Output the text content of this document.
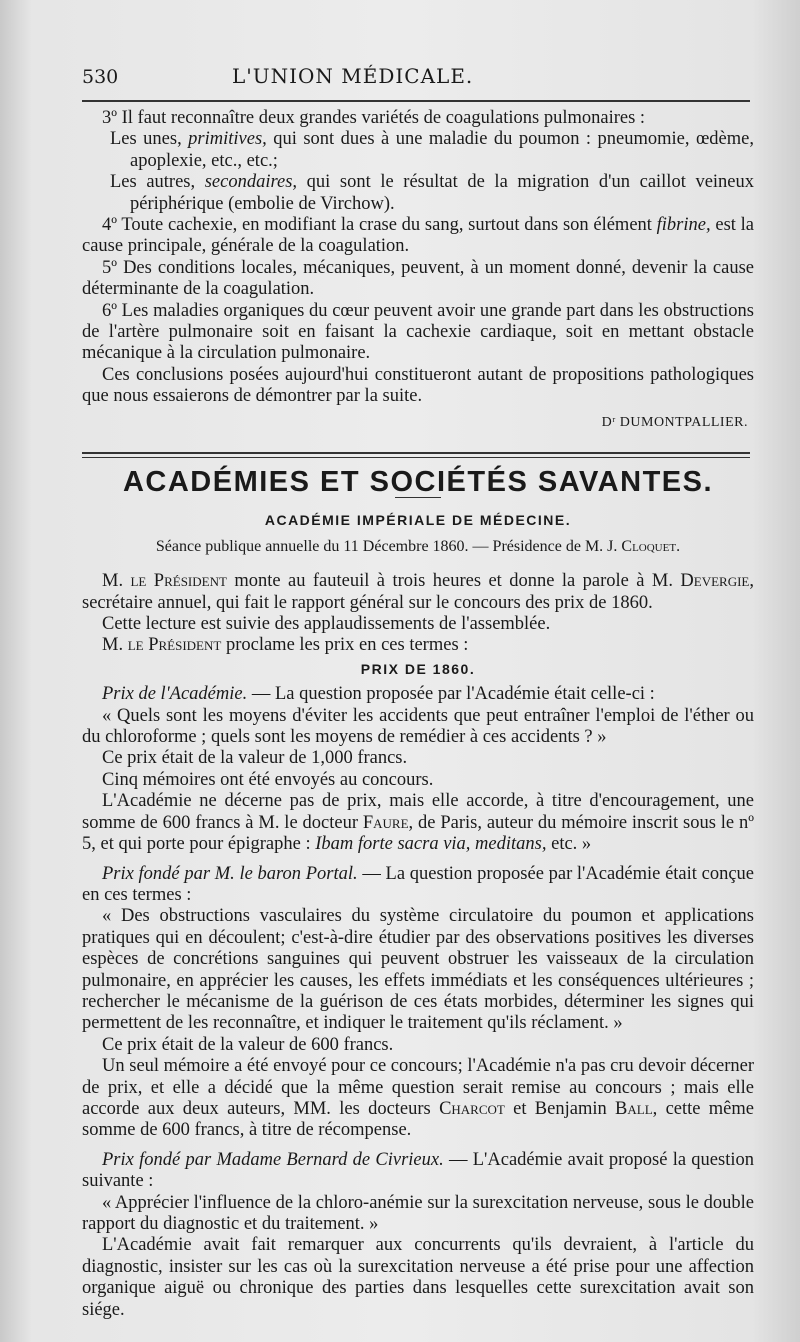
530	L'UNION MÉDICALE.

3º Il faut reconnaître deux grandes variétés de coagulations pulmonaires :

Les unes, primitives, qui sont dues à une maladie du poumon : pneumomie, œdème, apoplexie, etc., etc.;

Les autres, secondaires, qui sont le résultat de la migration d'un caillot veineux périphérique (embolie de Virchow).

4º Toute cachexie, en modifiant la crase du sang, surtout dans son élément fibrine, est la cause principale, générale de la coagulation.

5º Des conditions locales, mécaniques, peuvent, à un moment donné, devenir la cause déterminante de la coagulation.

6º Les maladies organiques du cœur peuvent avoir une grande part dans les obstructions de l'artère pulmonaire soit en faisant la cachexie cardiaque, soit en mettant obstacle mécanique à la circulation pulmonaire.

Ces conclusions posées aujourd'hui constitueront autant de propositions pathologiques que nous essaierons de démontrer par la suite.

Dʳ DUMONTPALLIER.

ACADÉMIES ET SOCIÉTÉS SAVANTES.
ACADÉMIE IMPÉRIALE DE MÉDECINE.
Séance publique annuelle du 11 Décembre 1860. — Présidence de M. J. Cloquet.

M. le Président monte au fauteuil à trois heures et donne la parole à M. Devergie, secrétaire annuel, qui fait le rapport général sur le concours des prix de 1860.

Cette lecture est suivie des applaudissements de l'assemblée.

M. le Président proclame les prix en ces termes :

PRIX DE 1860.

Prix de l'Académie. — La question proposée par l'Académie était celle-ci :

« Quels sont les moyens d'éviter les accidents que peut entraîner l'emploi de l'éther ou du chloroforme ; quels sont les moyens de remédier à ces accidents ? »

Ce prix était de la valeur de 1,000 francs.

Cinq mémoires ont été envoyés au concours.

L'Académie ne décerne pas de prix, mais elle accorde, à titre d'encouragement, une somme de 600 francs à M. le docteur Faure, de Paris, auteur du mémoire inscrit sous le nº 5, et qui porte pour épigraphe : Ibam forte sacra via, meditans, etc. »

Prix fondé par M. le baron Portal. — La question proposée par l'Académie était conçue en ces termes :

« Des obstructions vasculaires du système circulatoire du poumon et applications pratiques qui en découlent; c'est-à-dire étudier par des observations positives les diverses espèces de concrétions sanguines qui peuvent obstruer les vaisseaux de la circulation pulmonaire, en apprécier les causes, les effets immédiats et les conséquences ultérieures ; rechercher le mécanisme de la guérison de ces états morbides, déterminer les signes qui permettent de les reconnaître, et indiquer le traitement qu'ils réclament. »

Ce prix était de la valeur de 600 francs.

Un seul mémoire a été envoyé pour ce concours; l'Académie n'a pas cru devoir décerner de prix, et elle a décidé que la même question serait remise au concours ; mais elle accorde aux deux auteurs, MM. les docteurs Charcot et Benjamin Ball, cette même somme de 600 francs, à titre de récompense.

Prix fondé par Madame Bernard de Civrieux. — L'Académie avait proposé la question suivante :

« Apprécier l'influence de la chloro-anémie sur la surexcitation nerveuse, sous le double rapport du diagnostic et du traitement. »

L'Académie avait fait remarquer aux concurrents qu'ils devraient, à l'article du diagnostic, insister sur les cas où la surexcitation nerveuse a été prise pour une affection organique aiguë ou chronique des parties dans lesquelles cette surexcitation avait son siége.
